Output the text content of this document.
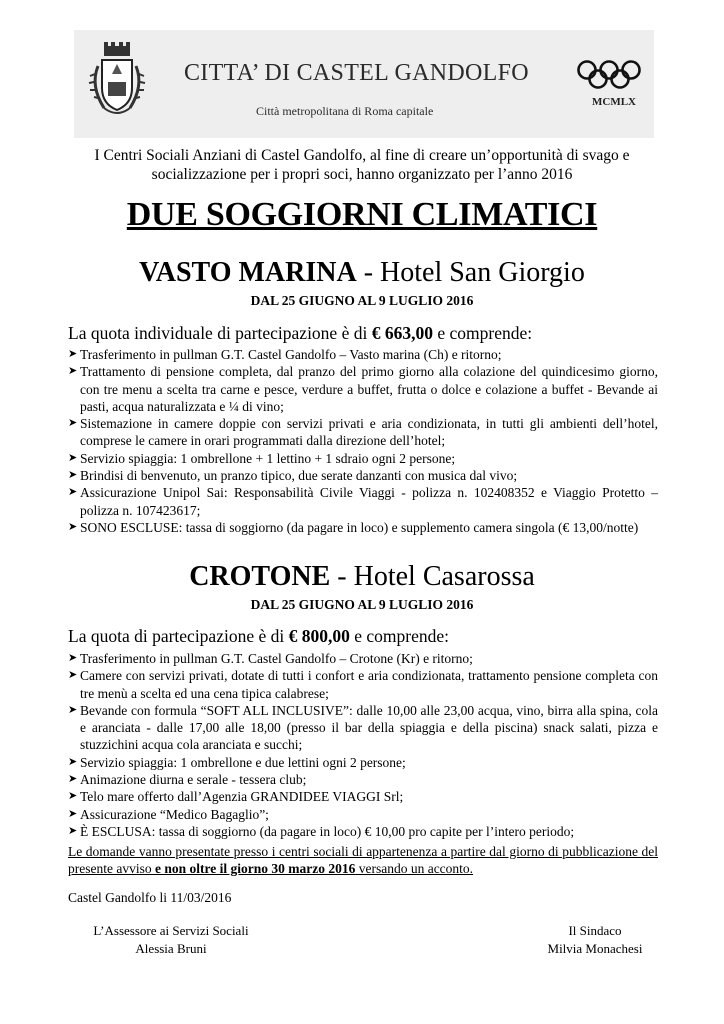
CITTA’ DI CASTEL GANDOLFO
Città metropolitana di Roma capitale
MCMLX
I Centri Sociali Anziani di Castel Gandolfo, al fine di creare un’opportunità di svago e socializzazione per i propri soci, hanno organizzato per l’anno 2016
DUE SOGGIORNI CLIMATICI
VASTO MARINA - Hotel San Giorgio
DAL 25 GIUGNO AL 9 LUGLIO 2016
La quota individuale di partecipazione è di € 663,00 e comprende:
➤ Trasferimento in pullman G.T. Castel Gandolfo – Vasto marina (Ch) e ritorno;
➤ Trattamento di pensione completa, dal pranzo del primo giorno alla colazione del quindicesimo giorno, con tre menu a scelta tra carne e pesce, verdure a buffet, frutta o dolce e colazione a buffet - Bevande ai pasti, acqua naturalizzata e ¼ di vino;
➤ Sistemazione in camere doppie con servizi privati e aria condizionata, in tutti gli ambienti dell’hotel, comprese le camere in orari programmati dalla direzione dell’hotel;
➤ Servizio spiaggia: 1 ombrellone + 1 lettino + 1 sdraio ogni 2 persone;
➤ Brindisi di benvenuto, un pranzo tipico, due serate danzanti con musica dal vivo;
➤ Assicurazione Unipol Sai: Responsabilità Civile Viaggi - polizza n. 102408352 e Viaggio Protetto – polizza n. 107423617;
➤ SONO ESCLUSE: tassa di soggiorno (da pagare in loco) e supplemento camera singola (€ 13,00/notte)
CROTONE - Hotel Casarossa
DAL 25 GIUGNO AL 9 LUGLIO 2016
La quota di partecipazione è di € 800,00 e comprende:
➤ Trasferimento in pullman G.T. Castel Gandolfo – Crotone (Kr) e ritorno;
➤ Camere con servizi privati, dotate di tutti i confort e aria condizionata, trattamento pensione completa con tre menù a scelta ed una cena tipica calabrese;
➤ Bevande con formula “SOFT ALL INCLUSIVE”: dalle 10,00 alle 23,00 acqua, vino, birra alla spina, cola e aranciata - dalle 17,00 alle 18,00 (presso il bar della spiaggia e della piscina) snack salati, pizza e stuzzichini acqua cola aranciata e succhi;
➤ Servizio spiaggia: 1 ombrellone e due lettini ogni 2 persone;
➤ Animazione diurna e serale - tessera club;
➤ Telo mare offerto dall’Agenzia GRANDIDEE VIAGGI Srl;
➤ Assicurazione “Medico Bagaglio”;
➤ È ESCLUSA: tassa di soggiorno (da pagare in loco) € 10,00 pro capite per l’intero periodo;
Le domande vanno presentate presso i centri sociali di appartenenza a partire dal giorno di pubblicazione del presente avviso e non oltre il giorno 30 marzo 2016 versando un acconto.
Castel Gandolfo li 11/03/2016
L’Assessore ai Servizi Sociali
Alessia Bruni
Il Sindaco
Milvia Monachesi
